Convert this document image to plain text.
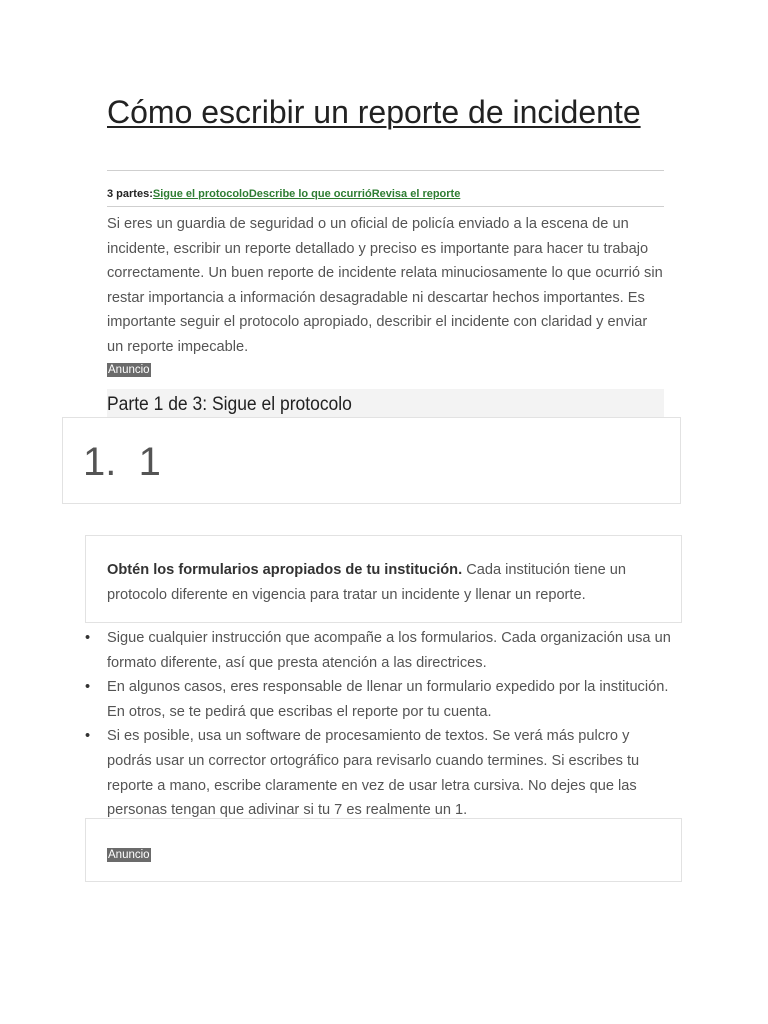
Cómo escribir un reporte de incidente
3 partes:Sigue el protocoloDescribe lo que ocurrióRevisa el reporte

Si eres un guardia de seguridad o un oficial de policía enviado a la escena de un incidente, escribir un reporte detallado y preciso es importante para hacer tu trabajo correctamente. Un buen reporte de incidente relata minuciosamente lo que ocurrió sin restar importancia a información desagradable ni descartar hechos importantes. Es importante seguir el protocolo apropiado, describir el incidente con claridad y enviar un reporte impecable.

Anuncio
Parte 1 de 3: Sigue el protocolo
1. 1

Obtén los formularios apropiados de tu institución. Cada institución tiene un protocolo diferente en vigencia para tratar un incidente y llenar un reporte.

• Sigue cualquier instrucción que acompañe a los formularios. Cada organización usa un formato diferente, así que presta atención a las directrices.
• En algunos casos, eres responsable de llenar un formulario expedido por la institución. En otros, se te pedirá que escribas el reporte por tu cuenta.
• Si es posible, usa un software de procesamiento de textos. Se verá más pulcro y podrás usar un corrector ortográfico para revisarlo cuando termines. Si escribes tu reporte a mano, escribe claramente en vez de usar letra cursiva. No dejes que las personas tengan que adivinar si tu 7 es realmente un 1.
Anuncio
